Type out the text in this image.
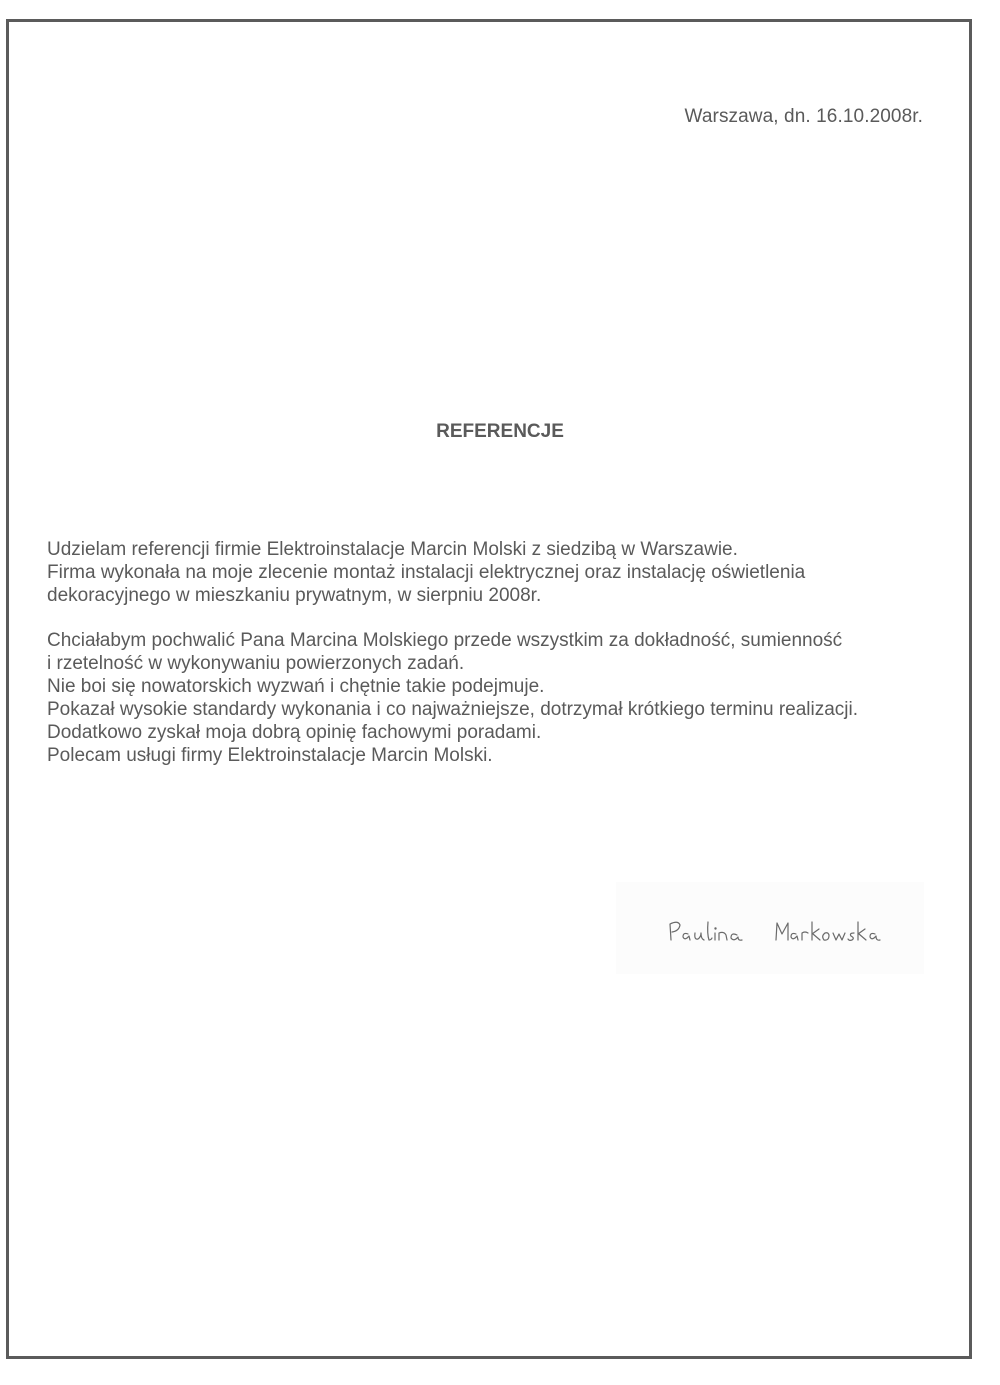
Warszawa, dn. 16.10.2008r.
REFERENCJE
Udzielam referencji firmie Elektroinstalacje Marcin Molski z siedzibą w Warszawie.
Firma wykonała na moje zlecenie montaż instalacji elektrycznej oraz instalację oświetlenia
dekoracyjnego w mieszkaniu prywatnym, w sierpniu 2008r.
Chciałabym pochwalić Pana Marcina Molskiego przede wszystkim za dokładność, sumienność
i rzetelność w wykonywaniu powierzonych zadań.
Nie boi się nowatorskich wyzwań i chętnie takie podejmuje.
Pokazał wysokie standardy wykonania i co najważniejsze, dotrzymał krótkiego terminu realizacji.
Dodatkowo zyskał moja dobrą opinię fachowymi poradami.
Polecam usługi firmy Elektroinstalacje Marcin Molski.
